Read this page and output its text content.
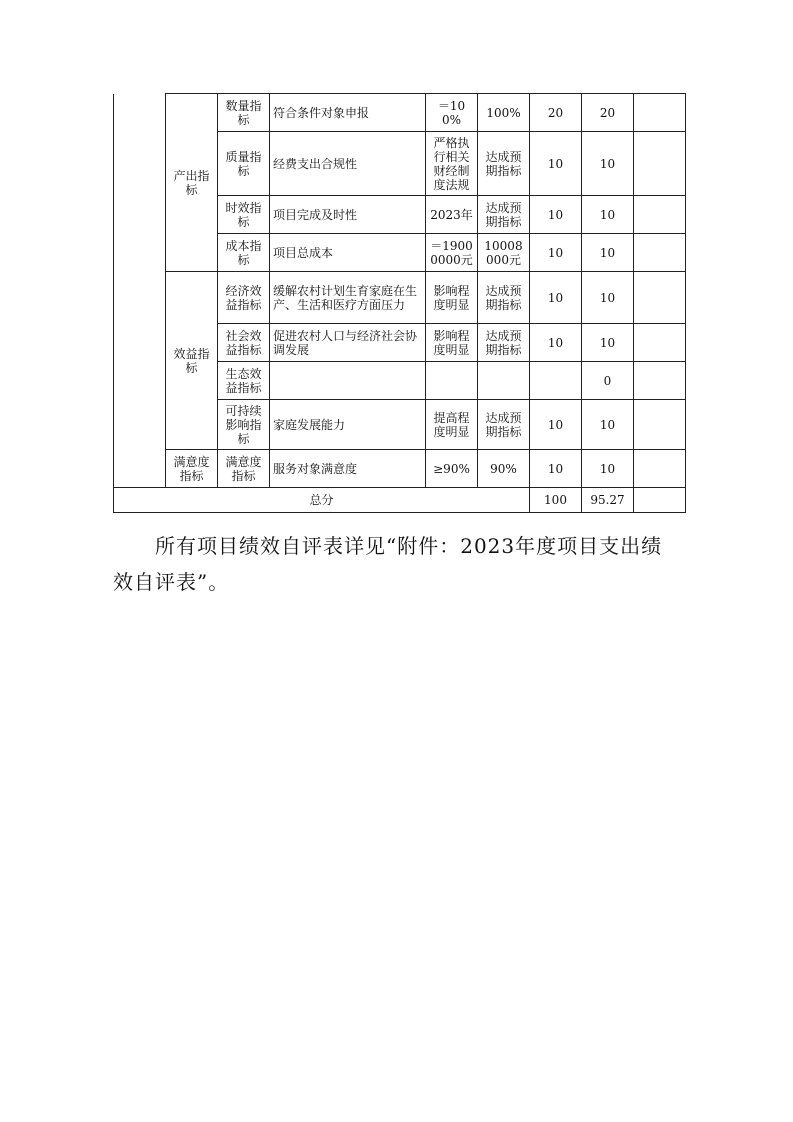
	产出指标	数量指标	符合条件对象申报	＝100%	100%	20	20	
		质量指标	经费支出合规性	严格执行相关财经制度法规	达成预期指标	10	10	
		时效指标	项目完成及时性	2023年	达成预期指标	10	10	
		成本指标	项目总成本	＝19000000元	10008000元	10	10	
	效益指标	经济效益指标	缓解农村计划生育家庭在生产、生活和医疗方面压力	影响程度明显	达成预期指标	10	10	
		社会效益指标	促进农村人口与经济社会协调发展	影响程度明显	达成预期指标	10	10	
		生态效益指标					0	
		可持续影响指标	家庭发展能力	提高程度明显	达成预期指标	10	10	
	满意度指标	满意度指标	服务对象满意度	≥90%	90%	10	10	
总分						100	95.27	

所有项目绩效自评表详见“附件：2023年度项目支出绩效自评表”。
